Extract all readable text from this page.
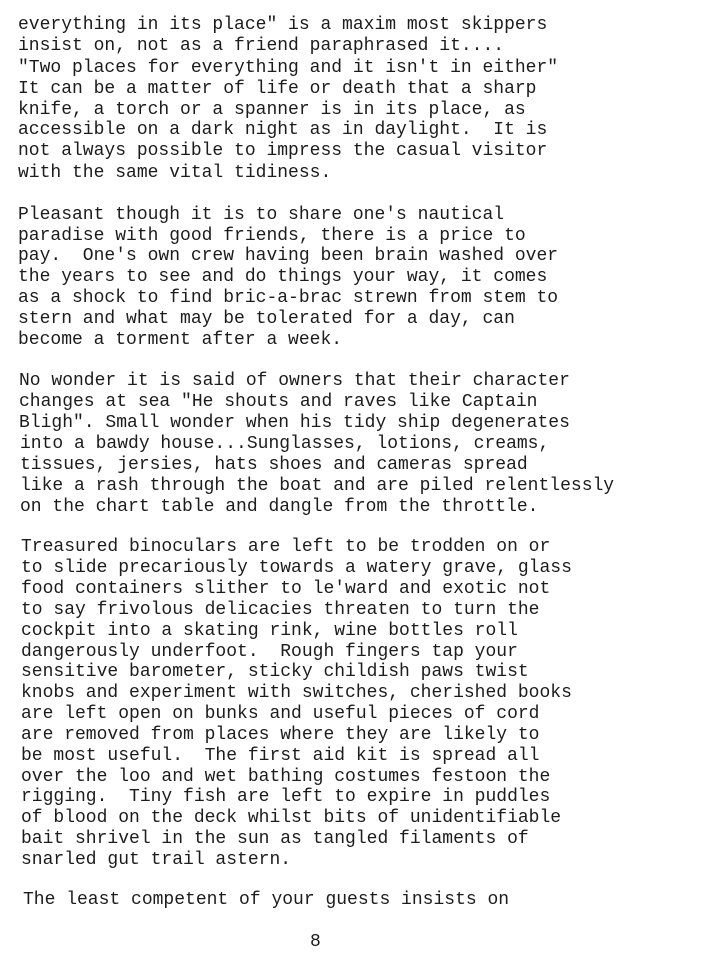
everything in its place" is a maxim most skippers
insist on, not as a friend paraphrased it....
"Two places for everything and it isn't in either"
It can be a matter of life or death that a sharp
knife, a torch or a spanner is in its place, as
accessible on a dark night as in daylight.  It is
not always possible to impress the casual visitor
with the same vital tidiness.
Pleasant though it is to share one's nautical
paradise with good friends, there is a price to
pay.  One's own crew having been brain washed over
the years to see and do things your way, it comes
as a shock to find bric-a-brac strewn from stem to
stern and what may be tolerated for a day, can
become a torment after a week.
No wonder it is said of owners that their character
changes at sea "He shouts and raves like Captain
Bligh". Small wonder when his tidy ship degenerates
into a bawdy house...Sunglasses, lotions, creams,
tissues, jersies, hats shoes and cameras spread
like a rash through the boat and are piled relentlessly
on the chart table and dangle from the throttle.
Treasured binoculars are left to be trodden on or
to slide precariously towards a watery grave, glass
food containers slither to le'ward and exotic not
to say frivolous delicacies threaten to turn the
cockpit into a skating rink, wine bottles roll
dangerously underfoot.  Rough fingers tap your
sensitive barometer, sticky childish paws twist
knobs and experiment with switches, cherished books
are left open on bunks and useful pieces of cord
are removed from places where they are likely to
be most useful.  The first aid kit is spread all
over the loo and wet bathing costumes festoon the
rigging.  Tiny fish are left to expire in puddles
of blood on the deck whilst bits of unidentifiable
bait shrivel in the sun as tangled filaments of
snarled gut trail astern.
The least competent of your guests insists on
8
